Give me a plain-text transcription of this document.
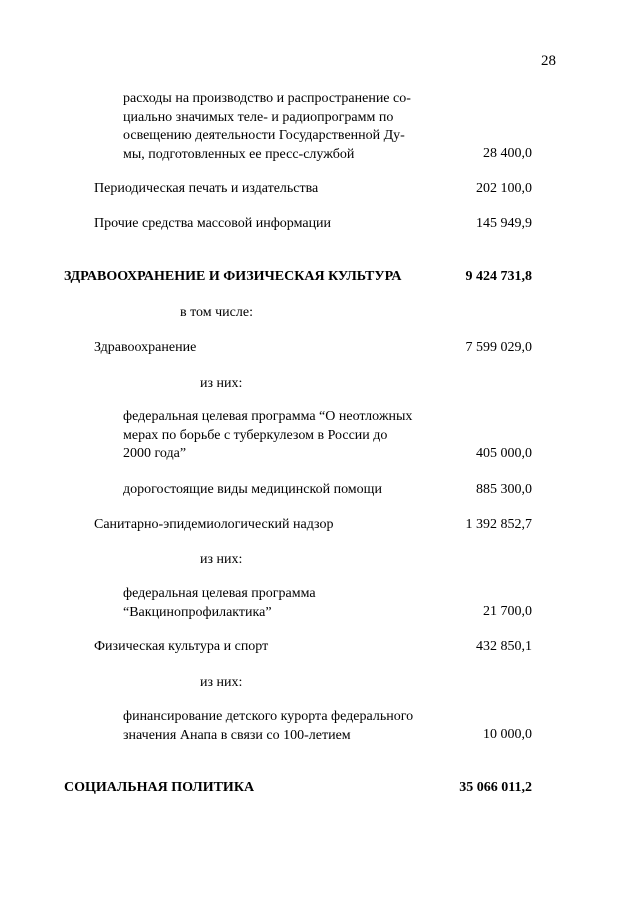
28
расходы на производство и распространение со-
циально значимых теле- и радиопрограмм по
освещению деятельности Государственной Ду-
мы, подготовленных ее пресс-службой	28 400,0
Периодическая печать и издательства	202 100,0
Прочие средства массовой информации	145 949,9
ЗДРАВООХРАНЕНИЕ И ФИЗИЧЕСКАЯ КУЛЬТУРА	9 424 731,8
в том числе:
Здравоохранение	7 599 029,0
из них:
федеральная целевая программа “О неотложных
мерах по борьбе с туберкулезом в России до
2000 года”	405 000,0
дорогостоящие виды медицинской помощи	885 300,0
Санитарно-эпидемиологический надзор	1 392 852,7
из них:
федеральная целевая программа
“Вакцинопрофилактика”	21 700,0
Физическая культура и спорт	432 850,1
из них:
финансирование детского курорта федерального
значения Анапа в связи со 100-летием	10 000,0
СОЦИАЛЬНАЯ ПОЛИТИКА	35 066 011,2
